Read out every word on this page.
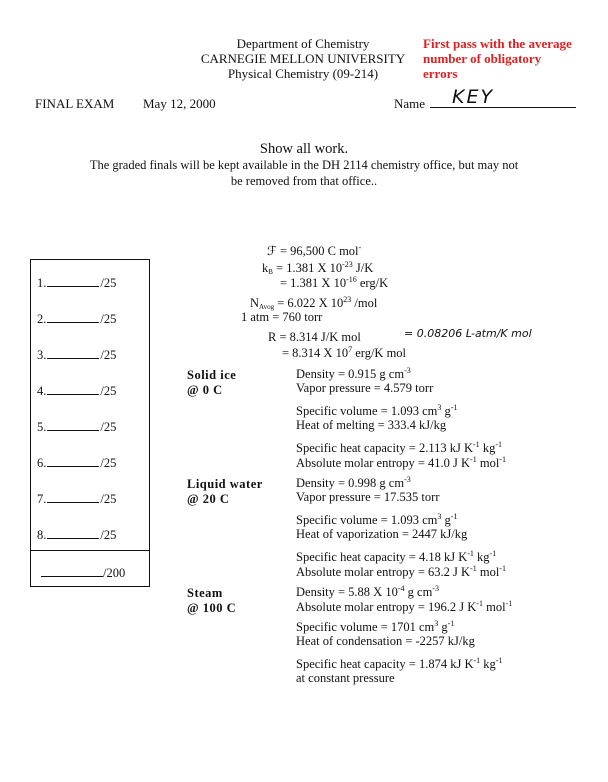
Department of Chemistry
CARNEGIE MELLON UNIVERSITY
Physical Chemistry (09-214)
First pass with the average
number of obligatory
errors
FINAL EXAM May 12, 2000	Name KEY
Show all work.
The graded finals will be kept available in the DH 2114 chemistry office, but may not
be removed from that office..
1.	/25
2.	/25
3.	/25
4.	/25
5.	/25
6.	/25
7.	/25
8.	/25
/200
ℱ = 96,500 C mol-
$k_B = 1.381$ X $10^{-23}$ J/K
= 1.381 X $10^{-16}$ erg/K
$N_{Avog} = 6.022$ X $10^{23}$ /mol
1 atm = 760 torr
R = 8.314 J/K mol	= 0.08206 L-atm/K mol
= 8.314 X $10^7$ erg/K mol
Solid ice
@ 0 C
Density = 0.915 g $cm^{-3}$
Vapor pressure = 4.579 torr
Specific volume = 1.093 $cm^3$ $g^{-1}$
Heat of melting = 333.4 kJ/kg
Specific heat capacity = 2.113 kJ $K^{-1}$ $kg^{-1}$
Absolute molar entropy = 41.0 J $K^{-1}$ mol$^{-1}$
Liquid water
@ 20 C
Density = 0.998 g $cm^{-3}$
Vapor pressure = 17.535 torr
Specific volume = 1.093 $cm^3$ $g^{-1}$
Heat of vaporization = 2447 kJ/kg
Specific heat capacity = 4.18 kJ $K^{-1}$ $kg^{-1}$
Absolute molar entropy = 63.2 J $K^{-1}$ mol$^{-1}$
Steam
@ 100 C
Density = 5.88 X $10^{-4}$ g $cm^{-3}$
Absolute molar entropy = 196.2 J $K^{-1}$ mol$^{-1}$
Specific volume = 1701 $cm^3$ $g^{-1}$
Heat of condensation = -2257 kJ/kg
Specific heat capacity = 1.874 kJ $K^{-1}$ $kg^{-1}$
at constant pressure
